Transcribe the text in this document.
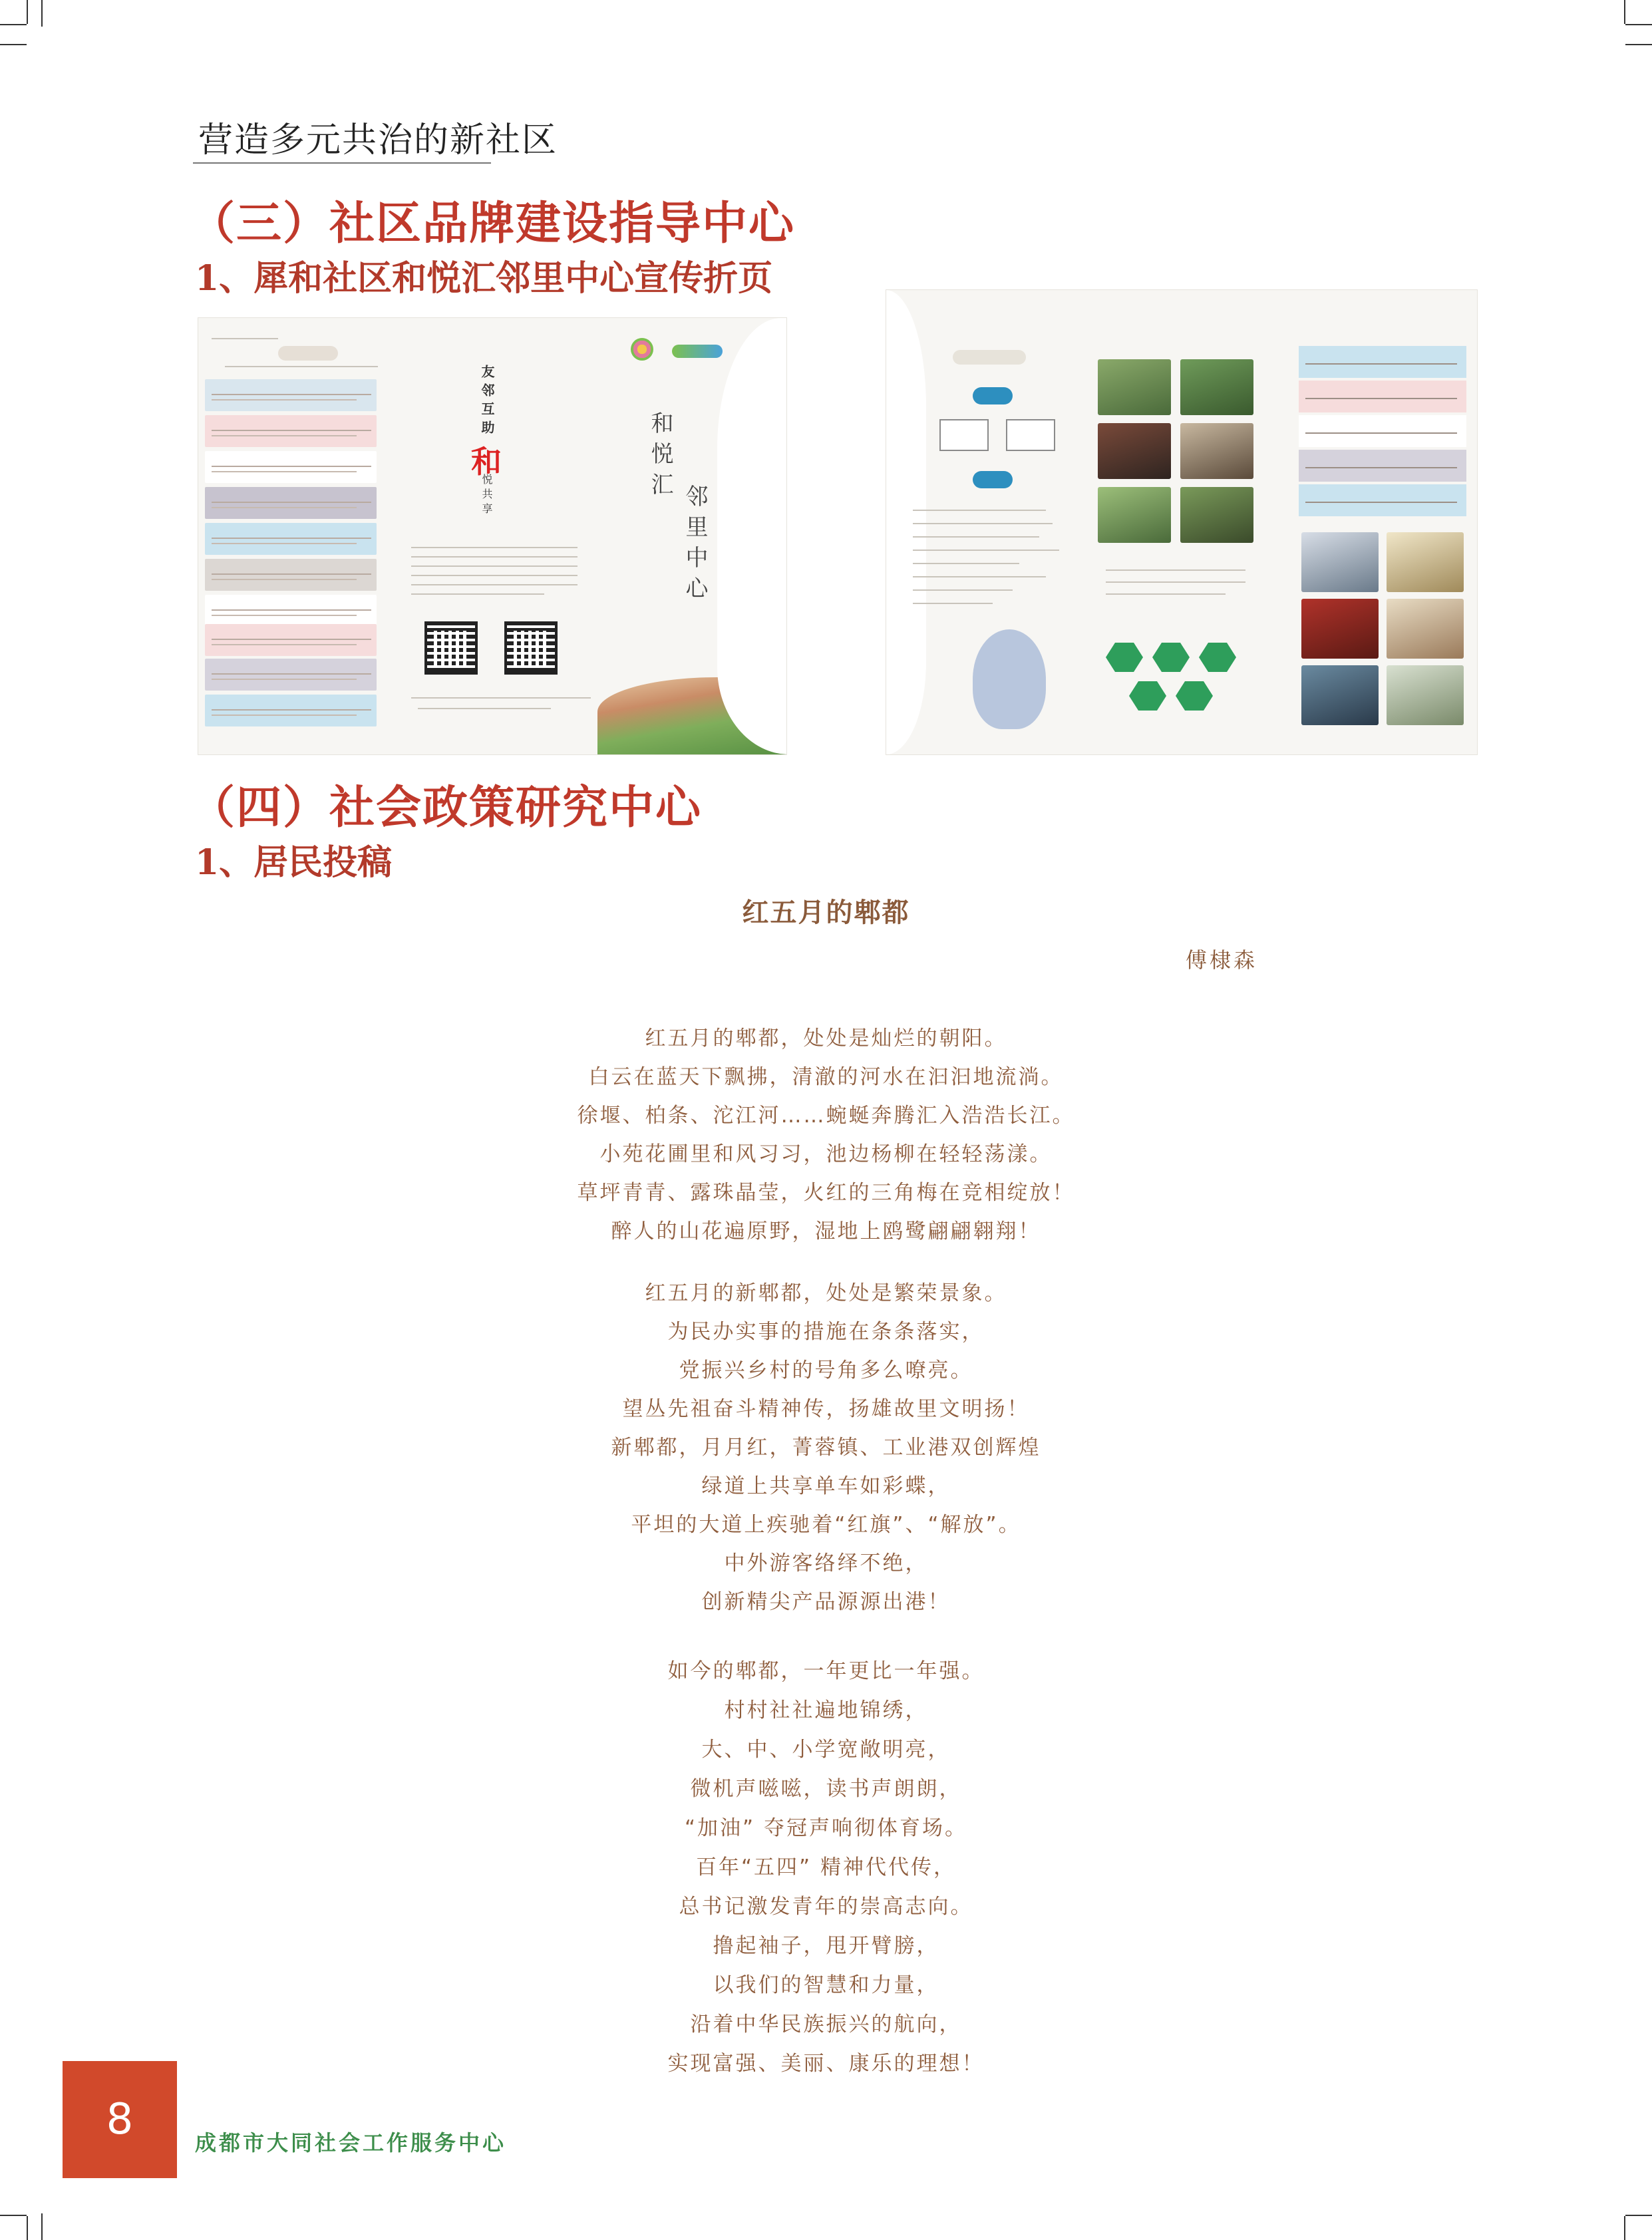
营造多元共治的新社区
（三）社区品牌建设指导中心
1、犀和社区和悦汇邻里中心宣传折页
友邻互助
和
悦共享	和悦汇
邻里中心
（四）社会政策研究中心
1、居民投稿
红五月的郫都
傅棣森
红五月的郫都，处处是灿烂的朝阳。
白云在蓝天下飘拂，清澈的河水在汩汩地流淌。
徐堰、柏条、沱江河……蜿蜒奔腾汇入浩浩长江。
小苑花圃里和风习习，池边杨柳在轻轻荡漾。
草坪青青、露珠晶莹，火红的三角梅在竞相绽放！
醉人的山花遍原野，湿地上鸥鹭翩翩翱翔！
红五月的新郫都，处处是繁荣景象。
为民办实事的措施在条条落实，
党振兴乡村的号角多么嘹亮。
望丛先祖奋斗精神传，扬雄故里文明扬！
新郫都，月月红，菁蓉镇、工业港双创辉煌
绿道上共享单车如彩蝶，
平坦的大道上疾驰着“红旗”、“解放”。
中外游客络绎不绝，
创新精尖产品源源出港！
如今的郫都，一年更比一年强。
村村社社遍地锦绣，
大、中、小学宽敞明亮，
微机声嗞嗞，读书声朗朗，
“加油” 夺冠声响彻体育场。
百年“五四” 精神代代传，
总书记激发青年的崇高志向。
撸起袖子，甩开臂膀，
以我们的智慧和力量，
沿着中华民族振兴的航向，
实现富强、美丽、康乐的理想！
8	成都市大同社会工作服务中心
